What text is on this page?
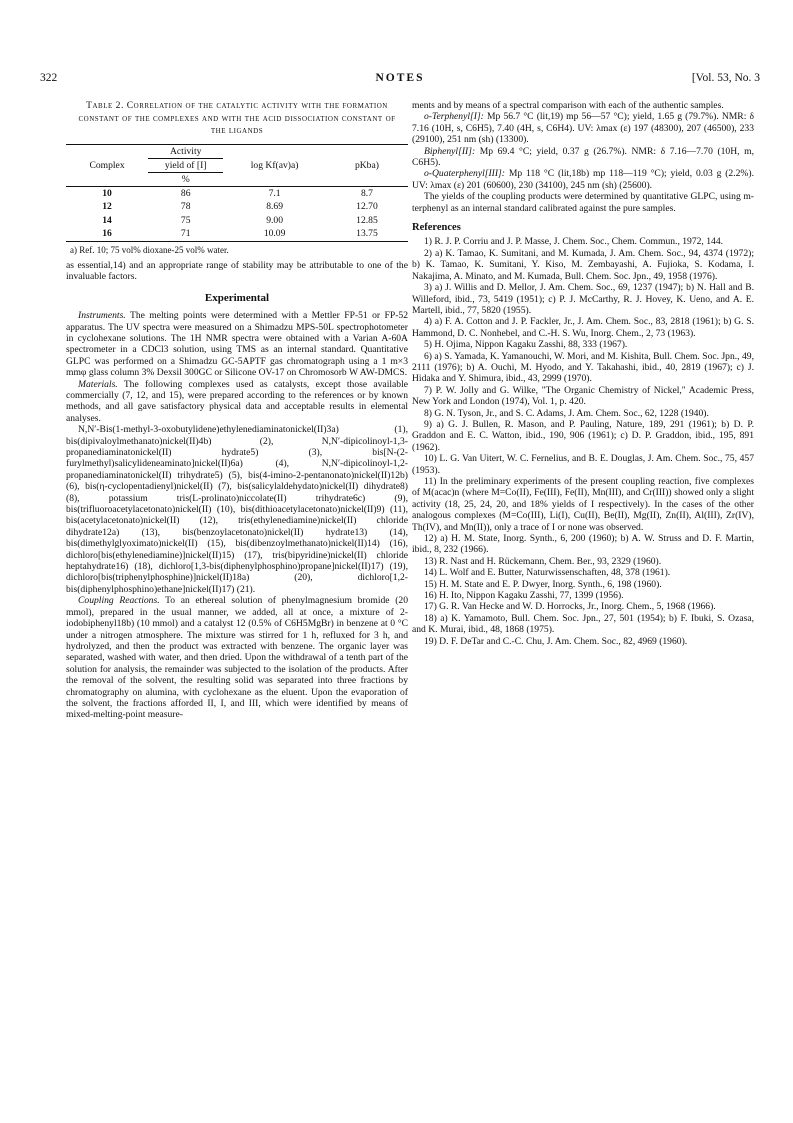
322	NOTES	[Vol. 53, No. 3
Table 2. Correlation of the catalytic activity with the formation constant of the complexes and with the acid dissociation constant of the ligands
Complex	Activity	log Kf(av)a)	pKba)
	yield of [I]		
	%		

10	86	7.1	8.7
12	78	8.69	12.70
14	75	9.00	12.85
16	71	10.09	13.75
a) Ref. 10; 75 vol% dioxane-25 vol% water.

as essential,14) and an appropriate range of stability may be attributable to one of the invaluable factors.

Experimental

Instruments. The melting points were determined with a Mettler FP-51 or FP-52 apparatus. The UV spectra were measured on a Shimadzu MPS-50L spectrophotometer in cyclohexane solutions. The 1H NMR spectra were obtained with a Varian A-60A spectrometer in a CDCl3 solution, using TMS as an internal standard. Quantitative GLPC was performed on a Shimadzu GC-5APTF gas chromatograph using a 1 m×3 mmφ glass column 3% Dexsil 300GC or Silicone OV-17 on Chromosorb W AW-DMCS.

Materials. The following complexes used as catalysts, except those available commercially (7, 12, and 15), were prepared according to the references or by known methods, and all gave satisfactory physical data and acceptable results in elemental analyses.

N,N′-Bis(1-methyl-3-oxobutylidene)ethylenediaminatonickel(II)3a) (1), bis(dipivaloylmethanato)nickel(II)4b) (2), N,N′-dipicolinoyl-1,3-propanediaminatonickel(II) hydrate5) (3), bis[N-(2-furylmethyl)salicylideneaminato]nickel(II)6a) (4), N,N′-dipicolinoyl-1,2-propanediaminatonickel(II) trihydrate5) (5), bis(4-imino-2-pentanonato)nickel(II)12b) (6), bis(η-cyclopentadienyl)nickel(II) (7), bis(salicylaldehydato)nickel(II) dihydrate8) (8), potassium tris(L-prolinato)niccolate(II) trihydrate6c) (9), bis(trifluoroacetylacetonato)nickel(II) (10), bis(dithioacetylacetonato)nickel(II)9) (11), bis(acetylacetonato)nickel(II) (12), tris(ethylenediamine)nickel(II) chloride dihydrate12a) (13), bis(benzoylacetonato)nickel(II) hydrate13) (14), bis(dimethylglyoximato)nickel(II) (15), bis(dibenzoylmethanato)nickel(II)14) (16), dichloro[bis(ethylenediamine)]nickel(II)15) (17), tris(bipyridine)nickel(II) chloride heptahydrate16) (18), dichloro[1,3-bis(diphenylphosphino)propane]nickel(II)17) (19), dichloro[bis(triphenylphosphine)]nickel(II)18a) (20), dichloro[1,2-bis(diphenylphosphino)ethane]nickel(II)17) (21).

Coupling Reactions. To an ethereal solution of phenylmagnesium bromide (20 mmol), prepared in the usual manner, we added, all at once, a mixture of 2-iodobiphenyl18b) (10 mmol) and a catalyst 12 (0.5% of C6H5MgBr) in benzene at 0 °C under a nitrogen atmosphere. The mixture was stirred for 1 h, refluxed for 3 h, and hydrolyzed, and then the product was extracted with benzene. The organic layer was separated, washed with water, and then dried. Upon the withdrawal of a tenth part of the solution for analysis, the remainder was subjected to the isolation of the products. After the removal of the solvent, the resulting solid was separated into three fractions by chromatography on alumina, with cyclohexane as the eluent. Upon the evaporation of the solvent, the fractions afforded II, I, and III, which were identified by means of mixed-melting-point measure-

ments and by means of a spectral comparison with each of the authentic samples.

o-Terphenyl[I]: Mp 56.7 °C (lit,19) mp 56—57 °C); yield, 1.65 g (79.7%). NMR: δ 7.16 (10H, s, C6H5), 7.40 (4H, s, C6H4). UV: λmax (ε) 197 (48300), 207 (46500), 233 (29100), 251 nm (sh) (13300).

Biphenyl[II]: Mp 69.4 °C; yield, 0.37 g (26.7%). NMR: δ 7.16—7.70 (10H, m, C6H5).

o-Quaterphenyl[III]: Mp 118 °C (lit,18b) mp 118—119 °C); yield, 0.03 g (2.2%). UV: λmax (ε) 201 (60600), 230 (34100), 245 nm (sh) (25600).

The yields of the coupling products were determined by quantitative GLPC, using m-terphenyl as an internal standard calibrated against the pure samples.

References

1) R. J. P. Corriu and J. P. Masse, J. Chem. Soc., Chem. Commun., 1972, 144.

2) a) K. Tamao, K. Sumitani, and M. Kumada, J. Am. Chem. Soc., 94, 4374 (1972); b) K. Tamao, K. Sumitani, Y. Kiso, M. Zembayashi, A. Fujioka, S. Kodama, I. Nakajima, A. Minato, and M. Kumada, Bull. Chem. Soc. Jpn., 49, 1958 (1976).

3) a) J. Willis and D. Mellor, J. Am. Chem. Soc., 69, 1237 (1947); b) N. Hall and B. Willeford, ibid., 73, 5419 (1951); c) P. J. McCarthy, R. J. Hovey, K. Ueno, and A. E. Martell, ibid., 77, 5820 (1955).

4) a) F. A. Cotton and J. P. Fackler, Jr., J. Am. Chem. Soc., 83, 2818 (1961); b) G. S. Hammond, D. C. Nonhebel, and C.-H. S. Wu, Inorg. Chem., 2, 73 (1963).

5) H. Ojima, Nippon Kagaku Zasshi, 88, 333 (1967).

6) a) S. Yamada, K. Yamanouchi, W. Mori, and M. Kishita, Bull. Chem. Soc. Jpn., 49, 2111 (1976); b) A. Ouchi, M. Hyodo, and Y. Takahashi, ibid., 40, 2819 (1967); c) J. Hidaka and Y. Shimura, ibid., 43, 2999 (1970).

7) P. W. Jolly and G. Wilke, "The Organic Chemistry of Nickel," Academic Press, New York and London (1974), Vol. 1, p. 420.

8) G. N. Tyson, Jr., and S. C. Adams, J. Am. Chem. Soc., 62, 1228 (1940).

9) a) G. J. Bullen, R. Mason, and P. Pauling, Nature, 189, 291 (1961); b) D. P. Graddon and E. C. Watton, ibid., 190, 906 (1961); c) D. P. Graddon, ibid., 195, 891 (1962).

10) L. G. Van Uitert, W. C. Fernelius, and B. E. Douglas, J. Am. Chem. Soc., 75, 457 (1953).

11) In the preliminary experiments of the present coupling reaction, five complexes of M(acac)n (where M=Co(II), Fe(III), Fe(II), Mn(III), and Cr(III)) showed only a slight activity (18, 25, 24, 20, and 18% yields of I respectively). In the cases of the other analogous complexes (M=Co(III), Li(I), Cu(II), Be(II), Mg(II), Zn(II), Al(III), Zr(IV), Th(IV), and Mn(II)), only a trace of I or none was observed.

12) a) H. M. State, Inorg. Synth., 6, 200 (1960); b) A. W. Struss and D. F. Martin, ibid., 8, 232 (1966).

13) R. Nast and H. Rückemann, Chem. Ber., 93, 2329 (1960).

14) L. Wolf and E. Butter, Naturwissenschaften, 48, 378 (1961).

15) H. M. State and E. P. Dwyer, Inorg. Synth., 6, 198 (1960).

16) H. Ito, Nippon Kagaku Zasshi, 77, 1399 (1956).

17) G. R. Van Hecke and W. D. Horrocks, Jr., Inorg. Chem., 5, 1968 (1966).

18) a) K. Yamamoto, Bull. Chem. Soc. Jpn., 27, 501 (1954); b) F. Ibuki, S. Ozasa, and K. Murai, ibid., 48, 1868 (1975).

19) D. F. DeTar and C.-C. Chu, J. Am. Chem. Soc., 82, 4969 (1960).
